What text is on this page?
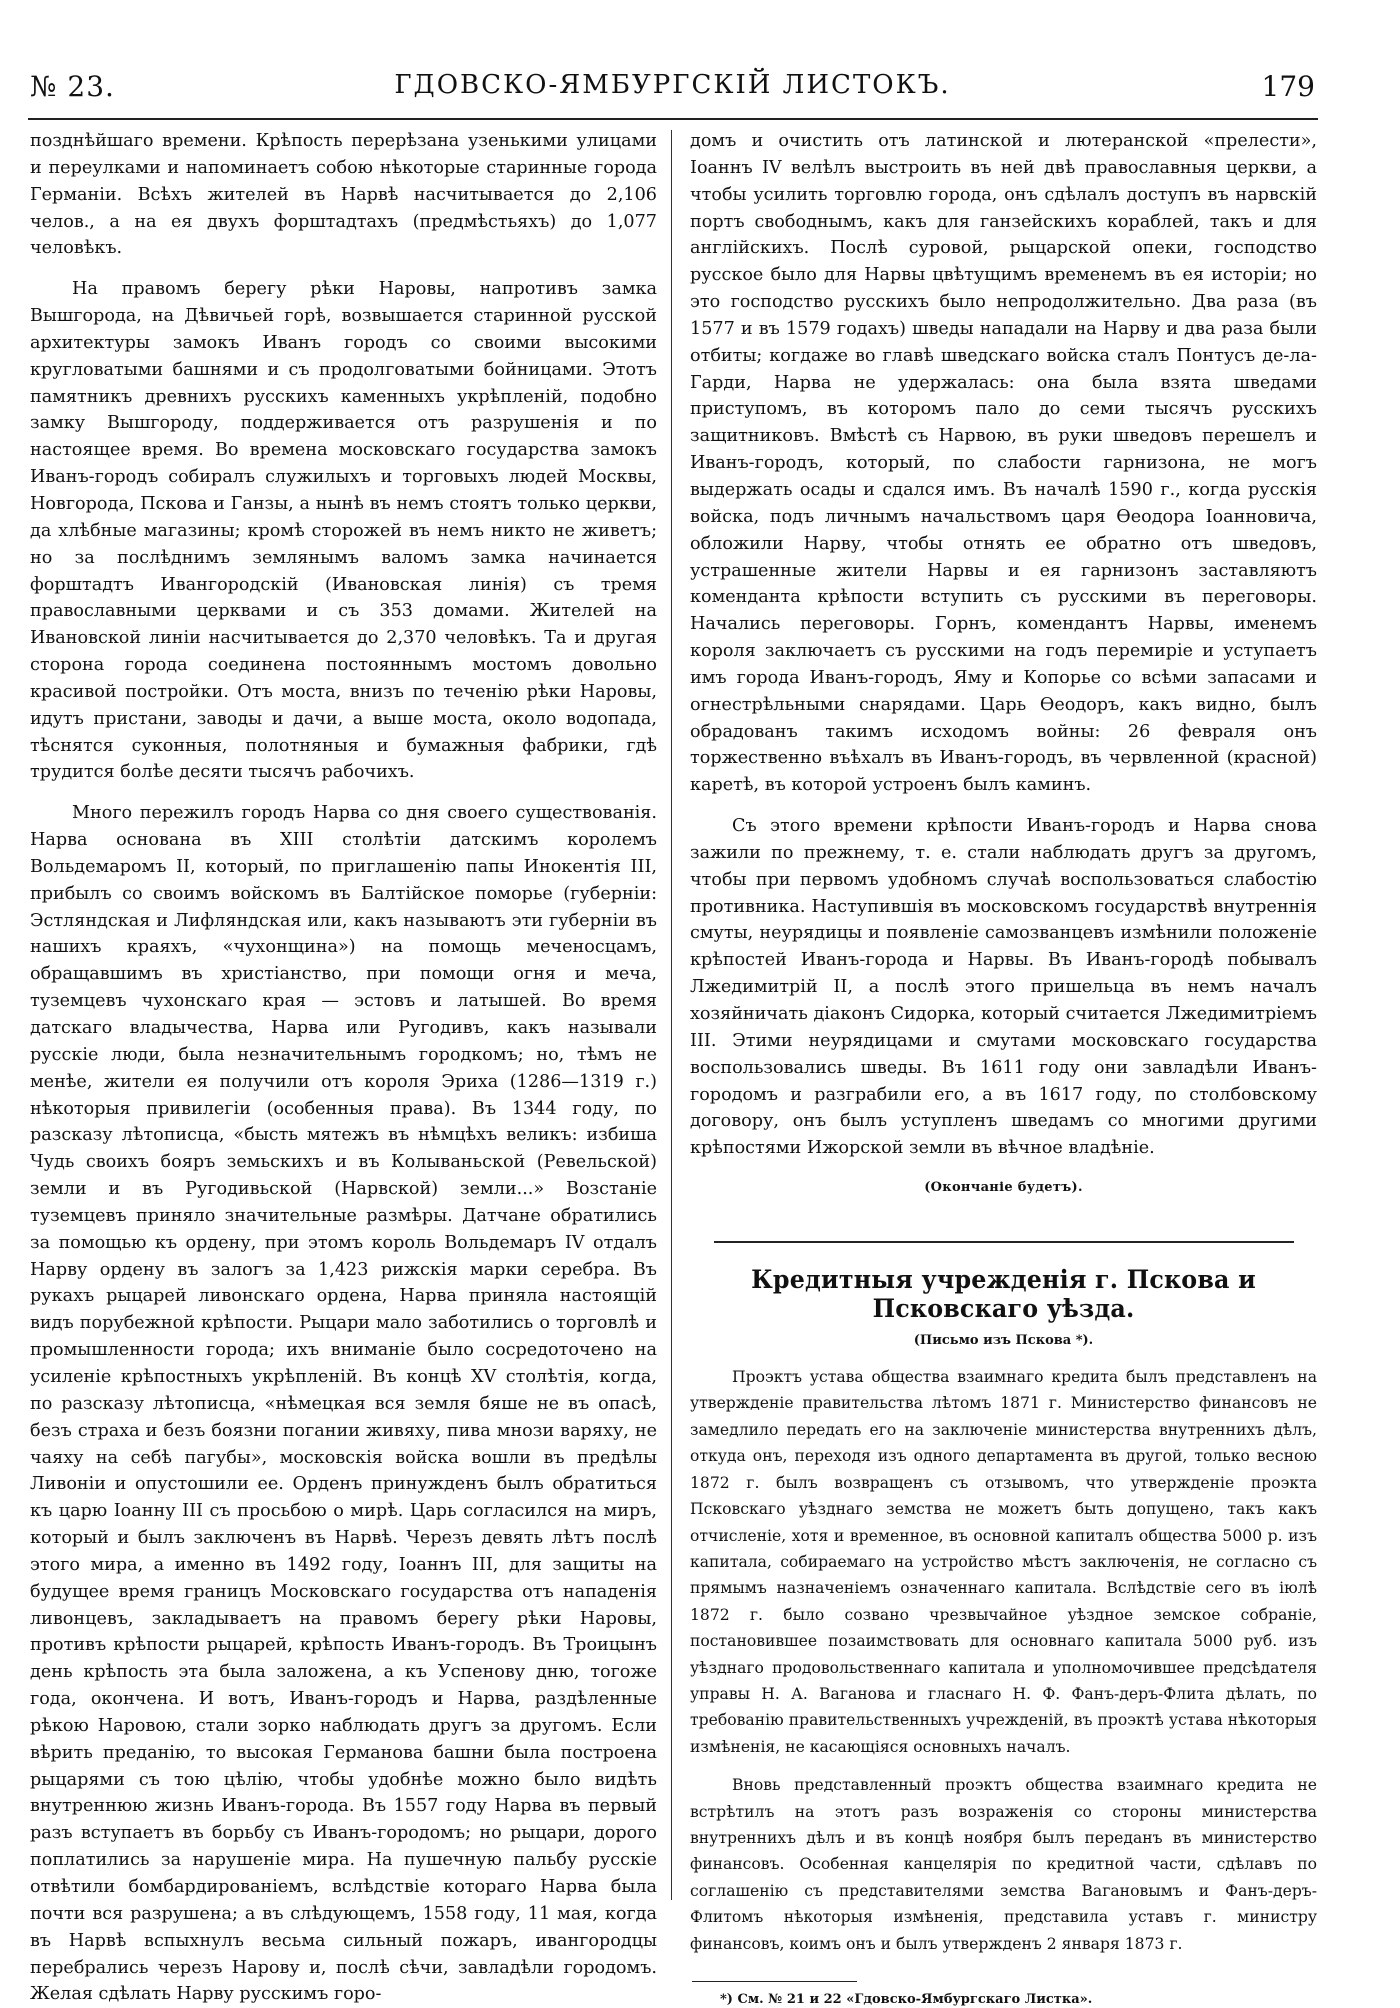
№ 23.	ГДОВСКО-ЯМБУРГСКІЙ ЛИСТОКЪ.	179

позднѣйшаго времени. Крѣпость перерѣзана узенькими улицами и переулками и напоминаетъ собою нѣкоторые старинные города Германіи. Всѣхъ жителей въ Нарвѣ насчитывается до 2,106 челов., а на ея двухъ форштадтахъ (предмѣстьяхъ) до 1,077 человѣкъ.

На правомъ берегу рѣки Наровы, напротивъ замка Вышгорода, на Дѣвичьей горѣ, возвышается старинной русской архитектуры замокъ Иванъ городъ со своими высокими кругловатыми башнями и съ продолговатыми бойницами. Этотъ памятникъ древнихъ русскихъ каменныхъ укрѣпленій, подобно замку Вышгороду, поддерживается отъ разрушенія и по настоящее время. Во времена московскаго государства замокъ Иванъ-городъ собиралъ служилыхъ и торговыхъ людей Москвы, Новгорода, Пскова и Ганзы, а нынѣ въ немъ стоятъ только церкви, да хлѣбные магазины; кромѣ сторожей въ немъ никто не живетъ; но за послѣднимъ землянымъ валомъ замка начинается форштадтъ Ивангородскій (Ивановская линія) съ тремя православными церквами и съ 353 домами. Жителей на Ивановской линіи насчитывается до 2,370 человѣкъ. Та и другая сторона города соединена постояннымъ мостомъ довольно красивой постройки. Отъ моста, внизъ по теченію рѣки Наровы, идутъ пристани, заводы и дачи, а выше моста, около водопада, тѣснятся суконныя, полотняныя и бумажныя фабрики, гдѣ трудится болѣе десяти тысячъ рабочихъ.

Много пережилъ городъ Нарва со дня своего существованія. Нарва основана въ XIII столѣтіи датскимъ королемъ Вольдемаромъ II, который, по приглашенію папы Инокентія III, прибылъ со своимъ войскомъ въ Балтійское поморье (губерніи: Эстляндская и Лифляндская или, какъ называютъ эти губерніи въ нашихъ краяхъ, «чухонщина») на помощь меченосцамъ, обращавшимъ въ христіанство, при помощи огня и меча, туземцевъ чухонскаго края — эстовъ и латышей. Во время датскаго владычества, Нарва или Ругодивъ, какъ называли русскіе люди, была незначительнымъ городкомъ; но, тѣмъ не менѣе, жители ея получили отъ короля Эриха (1286—1319 г.) нѣкоторыя привилегіи (особенныя права). Въ 1344 году, по разсказу лѣтописца, «бысть мятежъ въ нѣмцѣхъ великъ: избиша Чудь своихъ бояръ земьскихъ и въ Колываньской (Ревельской) земли и въ Ругодивьской (Нарвской) земли...» Возстаніе туземцевъ приняло значительные размѣры. Датчане обратились за помощью къ ордену, при этомъ король Вольдемаръ IV отдалъ Нарву ордену въ залогъ за 1,423 рижскія марки серебра. Въ рукахъ рыцарей ливонскаго ордена, Нарва приняла настоящій видъ порубежной крѣпости. Рыцари мало заботились о торговлѣ и промышленности города; ихъ вниманіе было сосредоточено на усиленіе крѣпостныхъ укрѣпленій. Въ концѣ XV столѣтія, когда, по разсказу лѣтописца, «нѣмецкая вся земля бяше не въ опасѣ, безъ страха и безъ боязни погании живяху, пива мнози варяху, не чаяху на себѣ пагубы», московскія войска вошли въ предѣлы Ливоніи и опустошили ее. Орденъ принужденъ былъ обратиться къ царю Іоанну III съ просьбою о мирѣ. Царь согласился на миръ, который и былъ заключенъ въ Нарвѣ. Черезъ девять лѣтъ послѣ этого мира, а именно въ 1492 году, Іоаннъ III, для защиты на будущее время границъ Московскаго государства отъ нападенія ливонцевъ, закладываетъ на правомъ берегу рѣки Наровы, противъ крѣпости рыцарей, крѣпость Иванъ-городъ. Въ Троицынъ день крѣпость эта была заложена, а къ Успенову дню, тогоже года, окончена. И вотъ, Иванъ-городъ и Нарва, раздѣленные рѣкою Наровою, стали зорко наблюдать другъ за другомъ. Если вѣрить преданію, то высокая Германова башни была построена рыцарями съ тою цѣлію, чтобы удобнѣе можно было видѣть внутреннюю жизнь Иванъ-города. Въ 1557 году Нарва въ первый разъ вступаетъ въ борьбу съ Иванъ-городомъ; но рыцари, дорого поплатились за нарушеніе мира. На пушечную пальбу русскіе отвѣтили бомбардированіемъ, вслѣдствіе котораго Нарва была почти вся разрушена; а въ слѣдующемъ, 1558 году, 11 мая, когда въ Нарвѣ вспыхнулъ весьма сильный пожаръ, ивангородцы перебрались черезъ Нарову и, послѣ сѣчи, завладѣли городомъ. Желая сдѣлать Нарву русскимъ горо-

домъ и очистить отъ латинской и лютеранской «прелести», Іоаннъ IV велѣлъ выстроить въ ней двѣ православныя церкви, а чтобы усилить торговлю города, онъ сдѣлалъ доступъ въ нарвскій портъ свободнымъ, какъ для ганзейскихъ кораблей, такъ и для англійскихъ. Послѣ суровой, рыцарской опеки, господство русское было для Нарвы цвѣтущимъ временемъ въ ея исторіи; но это господство русскихъ было непродолжительно. Два раза (въ 1577 и въ 1579 годахъ) шведы нападали на Нарву и два раза были отбиты; когдаже во главѣ шведскаго войска сталъ Понтусъ де-ла-Гарди, Нарва не удержалась: она была взята шведами приступомъ, въ которомъ пало до семи тысячъ русскихъ защитниковъ. Вмѣстѣ съ Нарвою, въ руки шведовъ перешелъ и Иванъ-городъ, который, по слабости гарнизона, не могъ выдержать осады и сдался имъ. Въ началѣ 1590 г., когда русскія войска, подъ личнымъ начальствомъ царя Ѳеодора Іоанновича, обложили Нарву, чтобы отнять ее обратно отъ шведовъ, устрашенные жители Нарвы и ея гарнизонъ заставляютъ коменданта крѣпости вступить съ русскими въ переговоры. Начались переговоры. Горнъ, комендантъ Нарвы, именемъ короля заключаетъ съ русскими на годъ перемиріе и уступаетъ имъ города Иванъ-городъ, Яму и Копорье со всѣми запасами и огнестрѣльными снарядами. Царь Ѳеодоръ, какъ видно, былъ обрадованъ такимъ исходомъ войны: 26 февраля онъ торжественно въѣхалъ въ Иванъ-городъ, въ червленной (красной) каретѣ, въ которой устроенъ былъ каминъ.

Съ этого времени крѣпости Иванъ-городъ и Нарва снова зажили по прежнему, т. е. стали наблюдать другъ за другомъ, чтобы при первомъ удобномъ случаѣ воспользоваться слабостію противника. Наступившія въ московскомъ государствѣ внутреннія смуты, неурядицы и появленіе самозванцевъ измѣнили положеніе крѣпостей Иванъ-города и Нарвы. Въ Иванъ-городѣ побывалъ Лжедимитрій II, а послѣ этого пришельца въ немъ началъ хозяйничать діаконъ Сидорка, который считается Лжедимитріемъ III. Этими неурядицами и смутами московскаго государства воспользовались шведы. Въ 1611 году они завладѣли Иванъ-городомъ и разграбили его, а въ 1617 году, по столбовскому договору, онъ былъ уступленъ шведамъ со многими другими крѣпостями Ижорской земли въ вѣчное владѣніе.

(Окончаніе будетъ).
Кредитныя учрежденія г. Пскова и Псковскаго уѣзда.
(Письмо изъ Пскова *).

Проэктъ устава общества взаимнаго кредита былъ представленъ на утвержденіе правительства лѣтомъ 1871 г. Министерство финансовъ не замедлило передать его на заключеніе министерства внутреннихъ дѣлъ, откуда онъ, переходя изъ одного департамента въ другой, только весною 1872 г. былъ возвращенъ съ отзывомъ, что утвержденіе проэкта Псковскаго уѣзднаго земства не можетъ быть допущено, такъ какъ отчисленіе, хотя и временное, въ основной капиталъ общества 5000 р. изъ капитала, собираемаго на устройство мѣстъ заключенія, не согласно съ прямымъ назначеніемъ означеннаго капитала. Вслѣдствіе сего въ іюлѣ 1872 г. было созвано чрезвычайное уѣздное земское собраніе, постановившее позаимствовать для основнаго капитала 5000 руб. изъ уѣзднаго продовольственнаго капитала и уполномочившее предсѣдателя управы Н. А. Ваганова и гласнаго Н. Ф. Фанъ-деръ-Флита дѣлать, по требованію правительственныхъ учрежденій, въ проэктѣ устава нѣкоторыя измѣненія, не касающіяся основныхъ началъ.

Вновь представленный проэктъ общества взаимнаго кредита не встрѣтилъ на этотъ разъ возраженія со стороны министерства внутреннихъ дѣлъ и въ концѣ ноября былъ переданъ въ министерство финансовъ. Особенная канцелярія по кредитной части, сдѣлавъ по соглашенію съ представителями земства Вагановымъ и Фанъ-деръ-Флитомъ нѣкоторыя измѣненія, представила уставъ г. министру финансовъ, коимъ онъ и былъ утвержденъ 2 января 1873 г.

*) См. № 21 и 22 «Гдовско-Ямбургскаго Листка».
